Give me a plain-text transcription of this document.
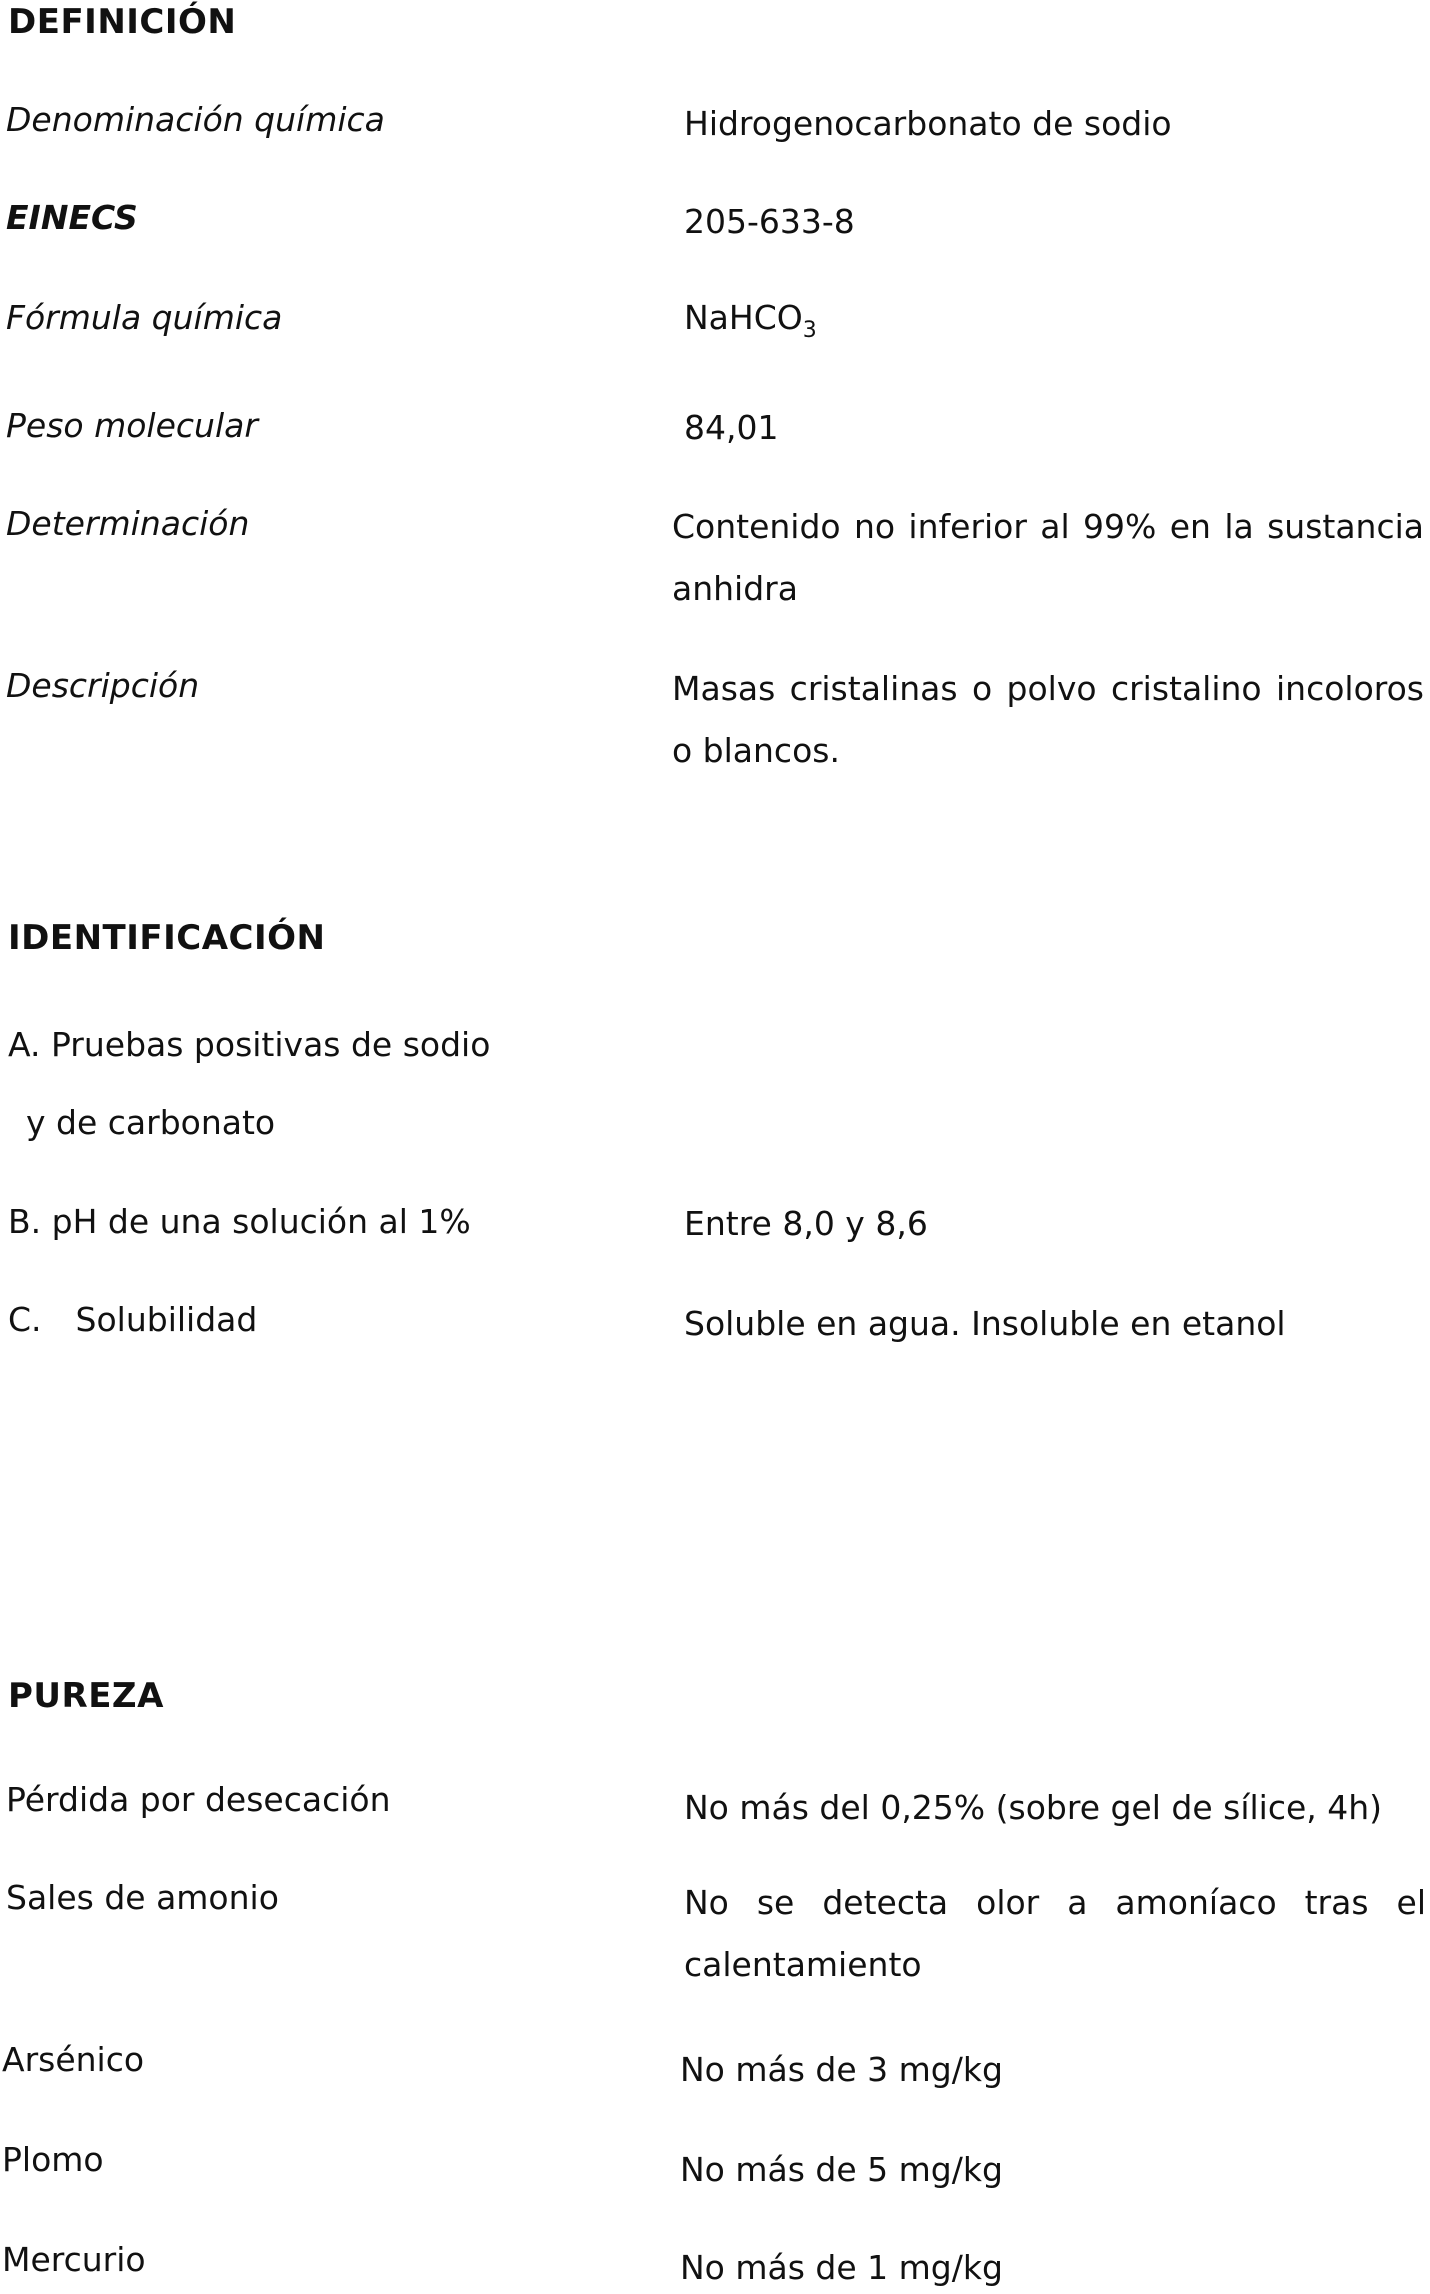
DEFINICIÓN
Denominación química	Hidrogenocarbonato de sodio
EINECS	205-633-8
Fórmula química	NaHCO$_3$
Peso molecular	84,01
Determinación	Contenido no inferior al 99% en la sustancia anhidra
Descripción	Masas cristalinas o polvo cristalino incoloros o blancos.
IDENTIFICACIÓN
A. Pruebas positivas de sodio
y de carbonato
B. pH de una solución al 1%	Entre 8,0 y 8,6
C. Solubilidad	Soluble en agua. Insoluble en etanol
PUREZA
Pérdida por desecación	No más del 0,25% (sobre gel de sílice, 4h)
Sales de amonio	No se detecta olor a amoníaco tras el calentamiento
Arsénico	No más de 3 mg/kg
Plomo	No más de 5 mg/kg
Mercurio	No más de 1 mg/kg
